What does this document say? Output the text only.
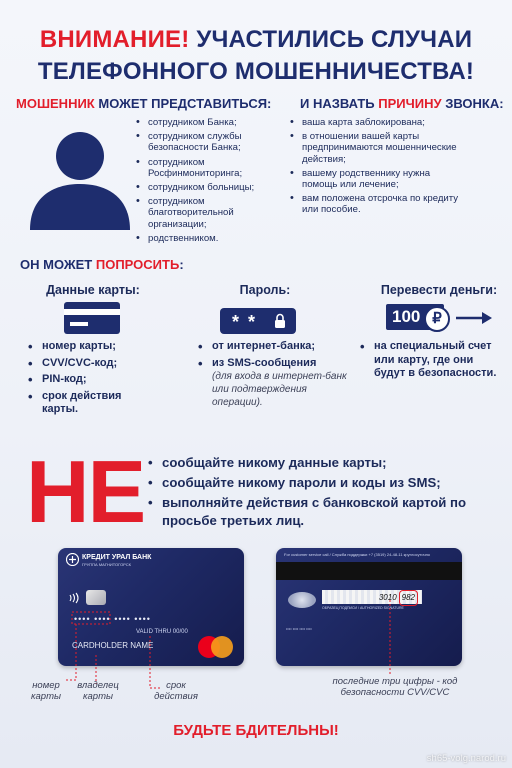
ВНИМАНИЕ! УЧАСТИЛИСЬ СЛУЧАИ
ТЕЛЕФОННОГО МОШЕННИЧЕСТВА!
МОШЕННИК МОЖЕТ ПРЕДСТАВИТЬСЯ: И НАЗВАТЬ ПРИЧИНУ ЗВОНКА:
• сотрудником Банка;
• сотрудником службы безопасности Банка;
• сотрудником Росфинмониторинга;
• сотрудником больницы;
• сотрудником благотворительной организации;
• родственником.
• ваша карта заблокирована;
• в отношении вашей карты предпринимаются мошеннические действия;
• вашему родственнику нужна помощь или лечение;
• вам положена отсрочка по кредиту или пособие.
ОН МОЖЕТ ПОПРОСИТЬ:
Данные карты:
• номер карты;
• CVV/CVC-код;
• PIN-код;
• срок действия карты.
Пароль:
* *
• от интернет-банка;
• из SMS-сообщения
(для входа в интернет-банк или подтверждения операции).
Перевести деньги:
100 ₽
• на специальный счет или карту, где они будут в безопасности.
НЕ
•	сообщайте никому данные карты;
• сообщайте никому пароли и коды из SMS;
• выполняйте действия с банковской картой по просьбе третьих лиц.
КРЕДИТ УРАЛ БАНК
ГРУППА МАГНИТОГОРСК
•••• •••• •••• ••••
VALID THRU 00/00
CARDHOLDER NAME
For customer service call / Служба поддержки +7 (3519) 24-48-11 круглосуточно
3010 982
ОБРАЗЕЦ ПОДПИСИ / AUTHORIZED SIGNATURE
•••• •••• •••• ••••
номер карты
владелец карты
срок действия
последние три цифры - код безопасности CVV/CVC
БУДЬТЕ БДИТЕЛЬНЫ!
sh65-volg.narod.ru
